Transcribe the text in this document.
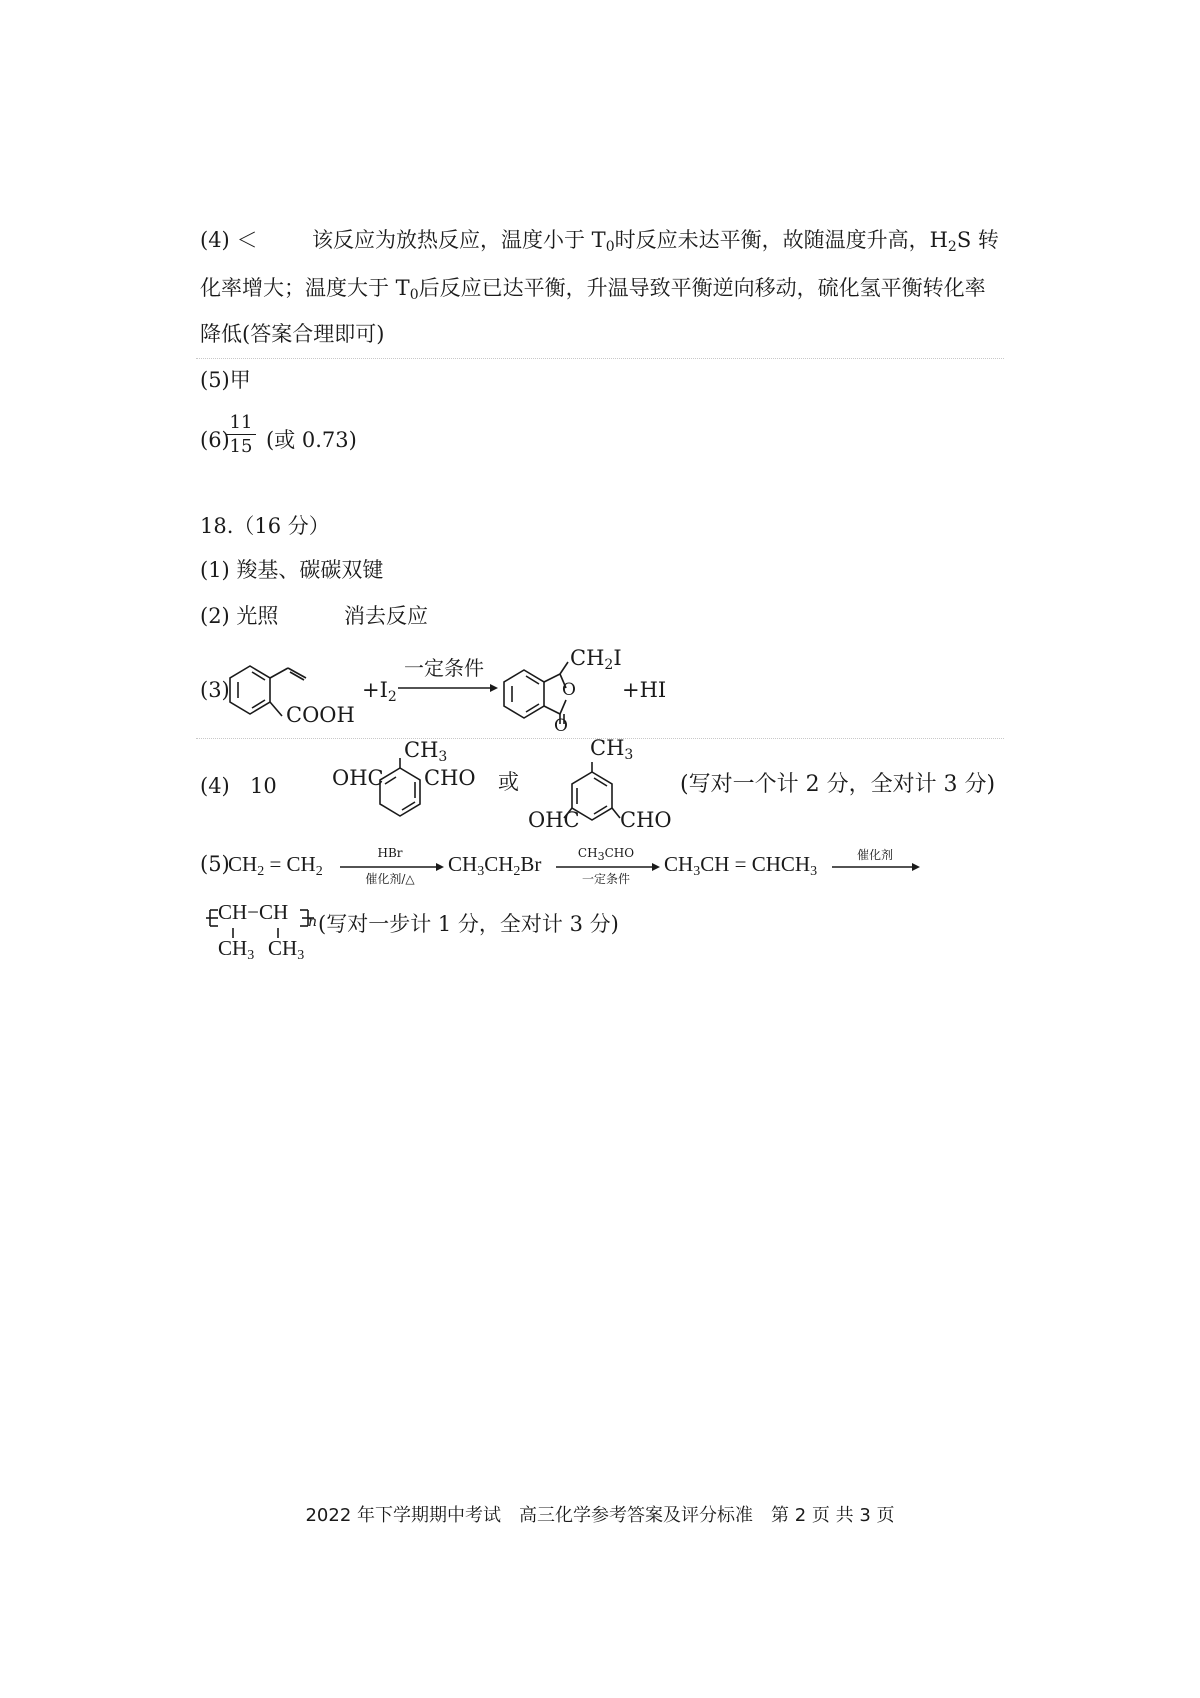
(4) ＜	该反应为放热反应，温度小于 $T_0$时反应未达平衡，故随温度升高，$H_2S$ 转
化率增大；温度大于 $T_0$后反应已达平衡，升温导致平衡逆向移动，硫化氢平衡转化率
降低(答案合理即可)
(5)甲
(6)
$\frac{11}{15}$ (或 0.73)
18.（16 分）
(1) 羧基、碳碳双键
(2) 光照	消去反应
(3)
COOH
$+I_2$
一定条件	$CH_2I$
O
O
+HI
(4) 10
$CH_3$
OHC CHO 或
$CH_3$
OHC CHO
(写对一个计 2 分，全对计 3 分)
(5)
$CH_2 = CH_2$
HBr
催化剂/△
$CH_3CH_2Br$	CH3CHO
一定条件
$CH_3CH$ = $CHCH_3$
催化剂
CH−CH n
$CH_3$ $CH_3$
(写对一步计 1 分，全对计 3 分)
2022 年下学期期中考试　高三化学参考答案及评分标准　第 2 页 共 3 页
